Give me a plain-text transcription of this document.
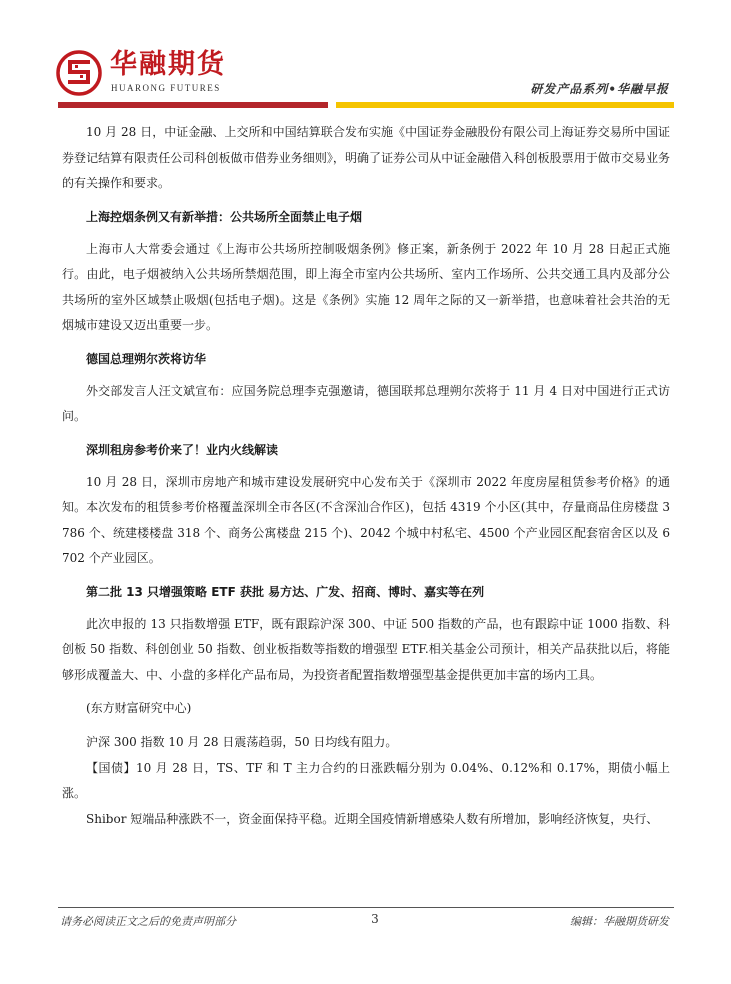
华融期货
HUARONG FUTURES	研发产品系列•华融早报

10 月 28 日，中证金融、上交所和中国结算联合发布实施《中国证券金融股份有限公司上海证券交易所中国证券登记结算有限责任公司科创板做市借券业务细则》，明确了证券公司从中证金融借入科创板股票用于做市交易业务的有关操作和要求。

上海控烟条例又有新举措：公共场所全面禁止电子烟

上海市人大常委会通过《上海市公共场所控制吸烟条例》修正案，新条例于 2022 年 10 月 28 日起正式施行。由此，电子烟被纳入公共场所禁烟范围，即上海全市室内公共场所、室内工作场所、公共交通工具内及部分公共场所的室外区域禁止吸烟(包括电子烟)。这是《条例》实施 12 周年之际的又一新举措，也意味着社会共治的无烟城市建设又迈出重要一步。

德国总理朔尔茨将访华

外交部发言人汪文斌宣布：应国务院总理李克强邀请，德国联邦总理朔尔茨将于 11 月 4 日对中国进行正式访问。

深圳租房参考价来了！业内火线解读

10 月 28 日，深圳市房地产和城市建设发展研究中心发布关于《深圳市 2022 年度房屋租赁参考价格》的通知。本次发布的租赁参考价格覆盖深圳全市各区(不含深汕合作区)，包括 4319 个小区(其中，存量商品住房楼盘 3786 个、统建楼楼盘 318 个、商务公寓楼盘 215 个)、2042 个城中村私宅、4500 个产业园区配套宿舍区以及 6702 个产业园区。

第二批 13 只增强策略 ETF 获批 易方达、广发、招商、博时、嘉实等在列

此次申报的 13 只指数增强 ETF，既有跟踪沪深 300、中证 500 指数的产品，也有跟踪中证 1000 指数、科创板 50 指数、科创创业 50 指数、创业板指数等指数的增强型 ETF.相关基金公司预计，相关产品获批以后，将能够形成覆盖大、中、小盘的多样化产品布局，为投资者配置指数增强型基金提供更加丰富的场内工具。

(东方财富研究中心)

沪深 300 指数 10 月 28 日震荡趋弱，50 日均线有阻力。

【国债】10 月 28 日，TS、TF 和 T 主力合约的日涨跌幅分别为 0.04%、0.12%和 0.17%，期债小幅上涨。

Shibor 短端品种涨跌不一，资金面保持平稳。近期全国疫情新增感染人数有所增加，影响经济恢复，央行、

请务必阅读正文之后的免责声明部分	3	编辑：华融期货研发
